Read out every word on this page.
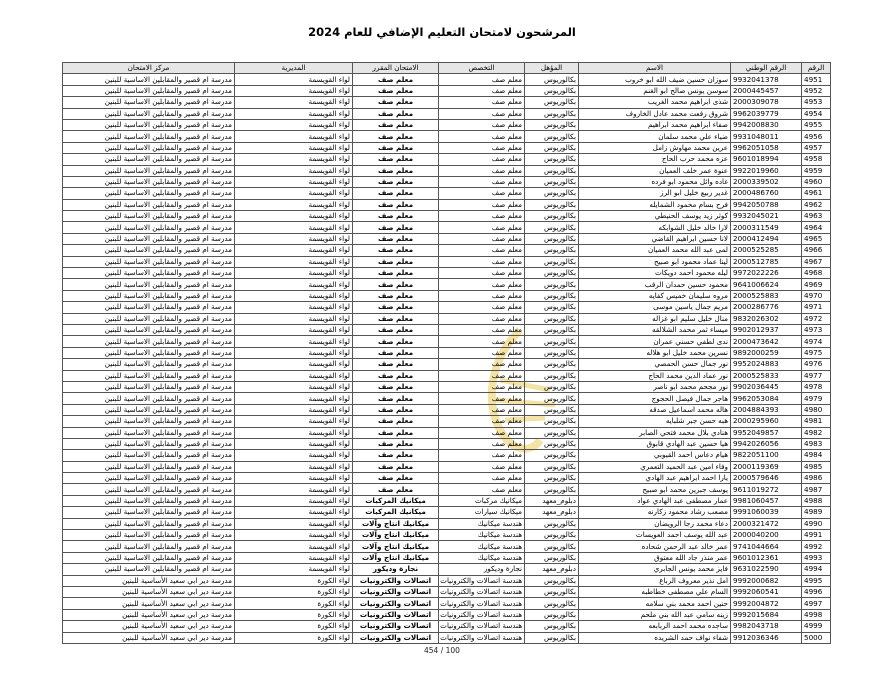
المرشحون لامتحان التعليم الإضافي للعام 2024
الرقم	الرقم الوطني	الاسم	المؤهل	التخصص	الامتحان المقرر	المديرية	مركز الامتحان
4951	9932041378	سوزان حسين ضيف الله ابو خروب	بكالوريوس	معلم صف	معلم صف	لواء القويسمة	مدرسة ام قصير والمقابلين الاساسية للبنين
4952	2000445457	سوسن يونس صالح ابو الغنم	بكالوريوس	معلم صف	معلم صف	لواء القويسمة	مدرسة ام قصير والمقابلين الاساسية للبنين
4953	2000309078	شذى ابراهيم محمد الغريب	بكالوريوس	معلم صف	معلم صف	لواء القويسمة	مدرسة ام قصير والمقابلين الاساسية للبنين
4954	9962039779	شروق رفعت محمد عادل الخاروف	بكالوريوس	معلم صف	معلم صف	لواء القويسمة	مدرسة ام قصير والمقابلين الاساسية للبنين
4955	9942008830	صفاء ابراهيم محمد ابراهيم	بكالوريوس	معلم صف	معلم صف	لواء القويسمة	مدرسة ام قصير والمقابلين الاساسية للبنين
4956	9931048011	ضياء علي محمد سلمان	بكالوريوس	معلم صف	معلم صف	لواء القويسمة	مدرسة ام قصير والمقابلين الاساسية للبنين
4957	9962051058	عرين محمد مهاوش زامل	بكالوريوس	معلم صف	معلم صف	لواء القويسمة	مدرسة ام قصير والمقابلين الاساسية للبنين
4958	9601018994	عزه محمد حرب الحاج	بكالوريوس	معلم صف	معلم صف	لواء القويسمة	مدرسة ام قصير والمقابلين الاساسية للبنين
4959	9922019960	عنوة عمر خلف العميان	بكالوريوس	معلم صف	معلم صف	لواء القويسمة	مدرسة ام قصير والمقابلين الاساسية للبنين
4960	2000339502	غاده وائل محمود ابو فرده	بكالوريوس	معلم صف	معلم صف	لواء القويسمة	مدرسة ام قصير والمقابلين الاساسية للبنين
4961	2000486760	غدير ربيع خليل ابو الرز	بكالوريوس	معلم صف	معلم صف	لواء القويسمة	مدرسة ام قصير والمقابلين الاساسية للبنين
4962	9942050788	فرح بسام محمود الشمايله	بكالوريوس	معلم صف	معلم صف	لواء القويسمة	مدرسة ام قصير والمقابلين الاساسية للبنين
4963	9932045021	كوثر زيد يوسف الحنيطي	بكالوريوس	معلم صف	معلم صف	لواء القويسمة	مدرسة ام قصير والمقابلين الاساسية للبنين
4964	2000311549	لارا خالد خليل الشوابكه	بكالوريوس	معلم صف	معلم صف	لواء القويسمة	مدرسة ام قصير والمقابلين الاساسية للبنين
4965	2000412494	لانا حسين ابراهيم القاضي	بكالوريوس	معلم صف	معلم صف	لواء القويسمة	مدرسة ام قصير والمقابلين الاساسية للبنين
4966	2000525285	لمى عبد الله محمد العميان	بكالوريوس	معلم صف	معلم صف	لواء القويسمة	مدرسة ام قصير والمقابلين الاساسية للبنين
4967	2000512785	لينا عماد محمود ابو صبيح	بكالوريوس	معلم صف	معلم صف	لواء القويسمة	مدرسة ام قصير والمقابلين الاساسية للبنين
4968	9972022226	ليله محمود احمد دويكات	بكالوريوس	معلم صف	معلم صف	لواء القويسمة	مدرسة ام قصير والمقابلين الاساسية للبنين
4969	9641006624	محمود حسين حمدان الرقب	بكالوريوس	معلم صف	معلم صف	لواء القويسمة	مدرسة ام قصير والمقابلين الاساسية للبنين
4970	2000525883	مروه سليمان خميس كفايه	بكالوريوس	معلم صف	معلم صف	لواء القويسمة	مدرسة ام قصير والمقابلين الاساسية للبنين
4971	2000286776	مريم جمال ياسين موسى	بكالوريوس	معلم صف	معلم صف	لواء القويسمة	مدرسة ام قصير والمقابلين الاساسية للبنين
4972	9832026302	منال خليل سليم ابو غزاله	بكالوريوس	معلم صف	معلم صف	لواء القويسمة	مدرسة ام قصير والمقابلين الاساسية للبنين
4973	9902012937	ميساء ثمر محمد الشلالقه	بكالوريوس	معلم صف	معلم صف	لواء القويسمة	مدرسة ام قصير والمقابلين الاساسية للبنين
4974	2000473642	ندى لطفي حسني عمران	بكالوريوس	معلم صف	معلم صف	لواء القويسمة	مدرسة ام قصير والمقابلين الاساسية للبنين
4975	9892000259	نسرين محمد خليل ابو هلاله	بكالوريوس	معلم صف	معلم صف	لواء القويسمة	مدرسة ام قصير والمقابلين الاساسية للبنين
4976	9952024883	نور جمال حسن الحمصي	بكالوريوس	معلم صف	معلم صف	لواء القويسمة	مدرسة ام قصير والمقابلين الاساسية للبنين
4977	2000525833	نور عماد الدين محمد الحاج	بكالوريوس	معلم صف	معلم صف	لواء القويسمة	مدرسة ام قصير والمقابلين الاساسية للبنين
4978	9902036445	نور مجحم محمد ابو ناصر	بكالوريوس	معلم صف	معلم صف	لواء القويسمة	مدرسة ام قصير والمقابلين الاساسية للبنين
4979	9962053084	هاجر جمال فيصل الحجوج	بكالوريوس	معلم صف	معلم صف	لواء القويسمة	مدرسة ام قصير والمقابلين الاساسية للبنين
4980	2004884393	هاله محمد اسماعيل صدقه	بكالوريوس	معلم صف	معلم صف	لواء القويسمة	مدرسة ام قصير والمقابلين الاساسية للبنين
4981	2000295960	هبه حسن جبر شلبايه	بكالوريوس	معلم صف	معلم صف	لواء القويسمة	مدرسة ام قصير والمقابلين الاساسية للبنين
4982	9952049857	هنادي بلال محمد فتحي الصابر	بكالوريوس	معلم صف	معلم صف	لواء القويسمة	مدرسة ام قصير والمقابلين الاساسية للبنين
4983	9942026056	هيا حسين عبد الهادي قابوق	بكالوريوس	معلم صف	معلم صف	لواء القويسمة	مدرسة ام قصير والمقابلين الاساسية للبنين
4984	9822051100	هيام دعاس احمد القيوبي	بكالوريوس	معلم صف	معلم صف	لواء القويسمة	مدرسة ام قصير والمقابلين الاساسية للبنين
4985	2000119369	وفاء امين عبد الحميد التعمري	بكالوريوس	معلم صف	معلم صف	لواء القويسمة	مدرسة ام قصير والمقابلين الاساسية للبنين
4986	2000579646	يارا احمد ابراهيم عبد الهادي	بكالوريوس	معلم صف	معلم صف	لواء القويسمة	مدرسة ام قصير والمقابلين الاساسية للبنين
4987	9611019272	يوسف جبرين محمد ابو صبيح	بكالوريوس	معلم صف	معلم صف	لواء القويسمة	مدرسة ام قصير والمقابلين الاساسية للبنين
4988	9981060457	عمار مصطفى عبد الهادي عواد	دبلوم_معهد	ميكانيك مركبات	ميكانيك المركبات	لواء القويسمة	مدرسة ام قصير والمقابلين الاساسية للبنين
4989	9991060039	مصعب رشاد محمود زكارنه	دبلوم_معهد	ميكانيك سيارات	ميكانيك المركبات	لواء القويسمة	مدرسة ام قصير والمقابلين الاساسية للبنين
4990	2000321472	دعاء محمد رجا الرويضان	بكالوريوس	هندسة ميكانيك	ميكانيك انتاج وآلات	لواء القويسمة	مدرسة ام قصير والمقابلين الاساسية للبنين
4991	2000040200	عبد الله يوسف احمد العويسات	بكالوريوس	هندسة ميكانيك	ميكانيك انتاج وآلات	لواء القويسمة	مدرسة ام قصير والمقابلين الاساسية للبنين
4992	9741044664	عمر خالد عبد الرحمن شحاده	بكالوريوس	هندسة ميكانيك	ميكانيك انتاج وآلات	لواء القويسمة	مدرسة ام قصير والمقابلين الاساسية للبنين
4993	9601012361	عمر منذر جاد الله معتوق	بكالوريوس	هندسة ميكانيك	ميكانيك انتاج وآلات	لواء القويسمة	مدرسة ام قصير والمقابلين الاساسية للبنين
4994	9631022590	فايز محمد يونس الجابري	دبلوم_معهد	نجارة وديكور	نجارة وديكور	لواء القويسمة	مدرسة ام قصير والمقابلين الاساسية للبنين
4995	9992000682	امل نذير معروف الرباع	بكالوريوس	هندسة اتصالات والكترونيات	اتصالات والكترونيات	لواء الكورة	مدرسة دير ابي سعيد الأساسية للبنين
4996	9992060541	السام علي مصطفى خطاطبه	بكالوريوس	هندسة اتصالات والكترونيات	اتصالات والكترونيات	لواء الكورة	مدرسة دير ابي سعيد الأساسية للبنين
4997	9992004872	حنين احمد محمد بني سلامه	بكالوريوس	هندسة اتصالات والكترونيات	اتصالات والكترونيات	لواء الكورة	مدرسة دير ابي سعيد الأساسية للبنين
4998	9992015684	زينه سامي عبد الله بني ملحم	بكالوريوس	هندسة اتصالات والكترونيات	اتصالات والكترونيات	لواء الكورة	مدرسة دير ابي سعيد الأساسية للبنين
4999	9982043718	ساجده محمد احمد الربابعه	بكالوريوس	هندسة اتصالات والكترونيات	اتصالات والكترونيات	لواء الكورة	مدرسة دير ابي سعيد الأساسية للبنين
5000	9912036346	شفاء نواف حمد الشريده	بكالوريوس	هندسة اتصالات والكترونيات	اتصالات والكترونيات	لواء الكورة	مدرسة دير ابي سعيد الأساسية للبنين
100 / 454
